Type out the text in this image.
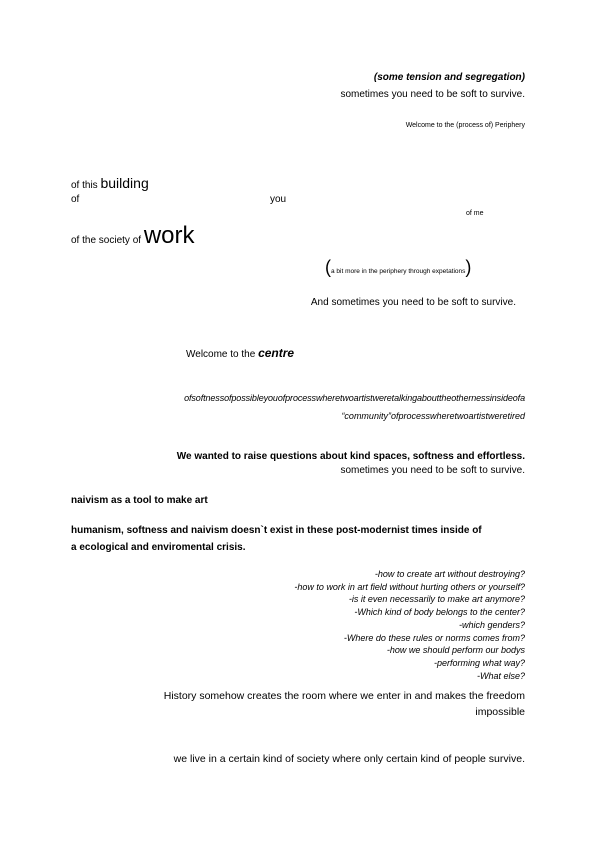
(some tension and segregation)
sometimes you need to be soft to survive.
Welcome to the (process of) Periphery
of this building
of	you
of me
of the society of work
(a bit more in the periphery through expetations)
And sometimes you need to be soft to survive.
Welcome to the centre
ofsoftnessofpossibleyouofprocesswheretwoartistweretalkingabouttheothernessinsideofa
“community”ofprocesswheretwoartistweretired
We wanted to raise questions about kind spaces, softness and effortless.
sometimes you need to be soft to survive.
naivism as a tool to make art
humanism, softness and naivism doesn`t exist in these post-modernist times inside of
a ecological and enviromental crisis.
-how to create art without destroying?
-how to work in art field without hurting others or yourself?
-is it even necessarily to make art anymore?
-Which kind of body belongs to the center?
-which genders?
-Where do these rules or norms comes from?
-how we should perform our bodys
-performing what way?
-What else?
History somehow creates the room where we enter in and makes the freedom
impossible
we live in a certain kind of society where only certain kind of people survive.
